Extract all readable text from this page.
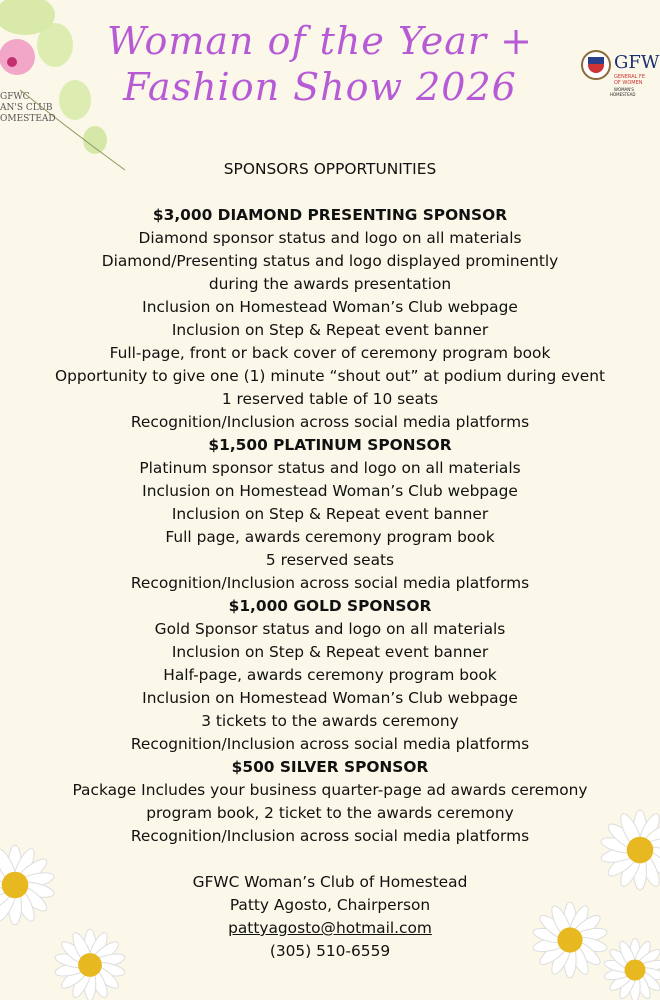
GFWC
AN'S CLUB
OMESTEAD
GFW
GENERAL FE
OF WOMEN
WOMAN'S
HOMESTEAD
Woman of the Year +
Fashion Show 2026
SPONSORS OPPORTUNITIES
$3,000 DIAMOND PRESENTING SPONSOR
Diamond sponsor status and logo on all materials
Diamond/Presenting status and logo displayed prominently
during the awards presentation
Inclusion on Homestead Woman’s Club webpage
Inclusion on Step & Repeat event banner
Full-page, front or back cover of ceremony program book
Opportunity to give one (1) minute “shout out” at podium during event
1 reserved table of 10 seats
Recognition/Inclusion across social media platforms
$1,500 PLATINUM SPONSOR
Platinum sponsor status and logo on all materials
Inclusion on Homestead Woman’s Club webpage
Inclusion on Step & Repeat event banner
Full page, awards ceremony program book
5 reserved seats
Recognition/Inclusion across social media platforms
$1,000 GOLD SPONSOR
Gold Sponsor status and logo on all materials
Inclusion on Step & Repeat event banner
Half-page, awards ceremony program book
Inclusion on Homestead Woman’s Club webpage
3 tickets to the awards ceremony
Recognition/Inclusion across social media platforms
$500 SILVER SPONSOR
Package Includes your business quarter-page ad awards ceremony
program book, 2 ticket to the awards ceremony
Recognition/Inclusion across social media platforms
GFWC Woman’s Club of Homestead
Patty Agosto, Chairperson
pattyagosto@hotmail.com
(305) 510-6559
